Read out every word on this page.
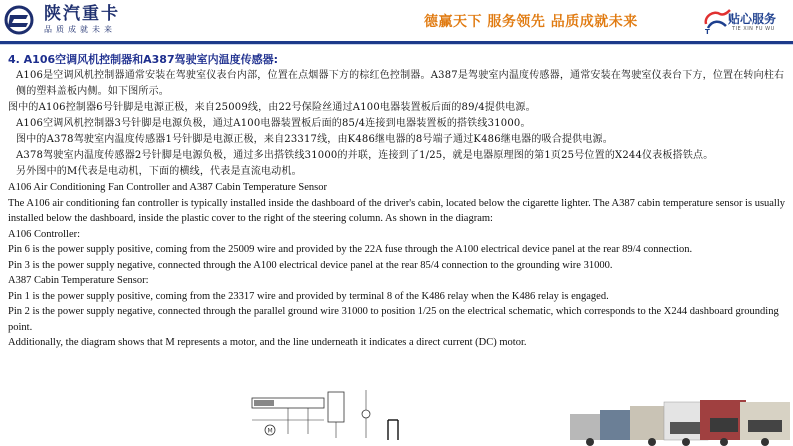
陕汽重卡
品质成就未来	德赢天下 服务领先 品质成就未来
T
贴心服务
TIE XIN FU WU
4. A106空调风机控制器和A387驾驶室内温度传感器:
A106是空调风机控制器通常安装在驾驶室仪表台内部，位置在点烟器下方的棕红色控制器。A387是驾驶室内温度传感器，通常安装在驾驶室仪表台下方，位置在转向柱右侧的塑料盖板内侧。如下图所示。
图中的A106控制器6号针脚是电源正极，来自25009线，由22号保险丝通过A100电器装置板后面的89/4提供电源。
A106空调风机控制器3号针脚是电源负极，通过A100电器装置板后面的85/4连接到电器装置板的搭铁线31000。
图中的A378驾驶室内温度传感器1号针脚是电源正极，来自23317线，由K486继电器的8号端子通过K486继电器的吸合提供电源。
A378驾驶室内温度传感器2号针脚是电源负极，通过多出搭铁线31000的并联，连接到了1/25，就是电器原理图的第1页25号位置的X244仪表板搭铁点。
另外图中的M代表是电动机，下面的横线，代表是直流电动机。
A106 Air Conditioning Fan Controller and A387 Cabin Temperature Sensor
The A106 air conditioning fan controller is typically installed inside the dashboard of the driver's cabin, located below the cigarette lighter. The A387 cabin temperature sensor is usually installed below the dashboard, inside the plastic cover to the right of the steering column. As shown in the diagram:
A106 Controller:
Pin 6 is the power supply positive, coming from the 25009 wire and provided by the 22A fuse through the A100 electrical device panel at the rear 89/4 connection.
Pin 3 is the power supply negative, connected through the A100 electrical device panel at the rear 85/4 connection to the grounding wire 31000.
A387 Cabin Temperature Sensor:
Pin 1 is the power supply positive, coming from the 23317 wire and provided by terminal 8 of the K486 relay when the K486 relay is engaged.
Pin 2 is the power supply negative, connected through the parallel ground wire 31000 to position 1/25 on the electrical schematic, which corresponds to the X244 dashboard grounding point.
Additionally, the diagram shows that M represents a motor, and the line underneath it indicates a direct current (DC) motor.
M
